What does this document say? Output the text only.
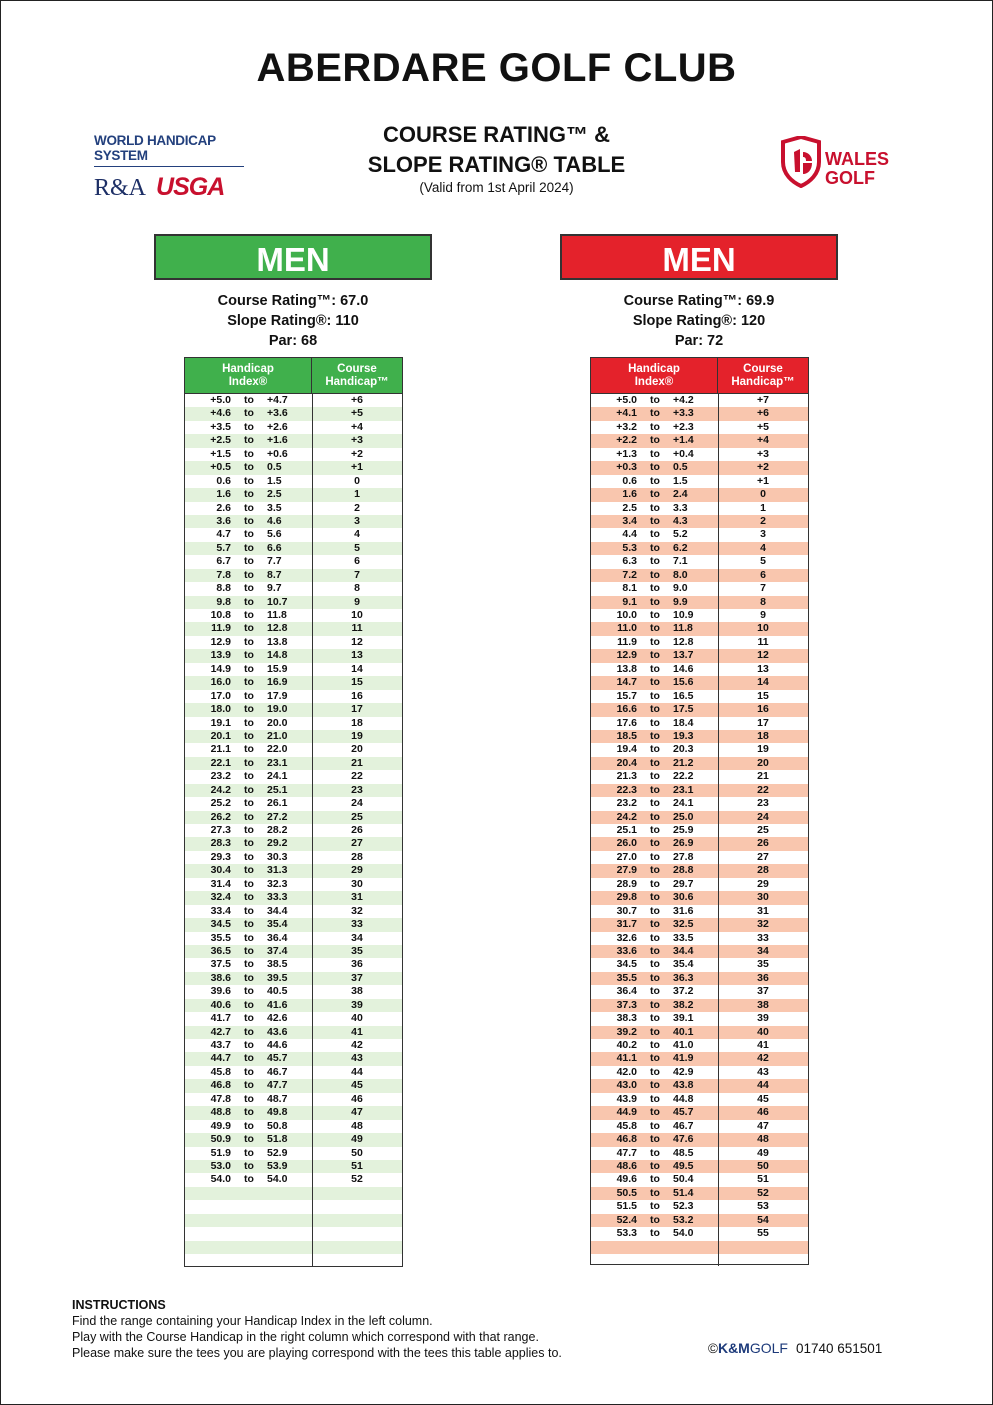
ABERDARE GOLF CLUB
WORLD HANDICAP SYSTEM
R&A USGA
COURSE RATING™ &
SLOPE RATING® TABLE
(Valid from 1st April 2024)
WALES
GOLF
MEN
Course Rating™: 67.0
Slope Rating®: 110
Par: 68
Handicap
Index®
Course
Handicap™
+5.0	to	+4.7	+6
+4.6	to	+3.6	+5
+3.5	to	+2.6	+4
+2.5	to	+1.6	+3
+1.5	to	+0.6	+2
+0.5	to	0.5	+1
0.6	to	1.5	0
1.6	to	2.5	1
2.6	to	3.5	2
3.6	to	4.6	3
4.7	to	5.6	4
5.7	to	6.6	5
6.7	to	7.7	6
7.8	to	8.7	7
8.8	to	9.7	8
9.8	to	10.7	9
10.8	to	11.8	10
11.9	to	12.8	11
12.9	to	13.8	12
13.9	to	14.8	13
14.9	to	15.9	14
16.0	to	16.9	15
17.0	to	17.9	16
18.0	to	19.0	17
19.1	to	20.0	18
20.1	to	21.0	19
21.1	to	22.0	20
22.1	to	23.1	21
23.2	to	24.1	22
24.2	to	25.1	23
25.2	to	26.1	24
26.2	to	27.2	25
27.3	to	28.2	26
28.3	to	29.2	27
29.3	to	30.3	28
30.4	to	31.3	29
31.4	to	32.3	30
32.4	to	33.3	31
33.4	to	34.4	32
34.5	to	35.4	33
35.5	to	36.4	34
36.5	to	37.4	35
37.5	to	38.5	36
38.6	to	39.5	37
39.6	to	40.5	38
40.6	to	41.6	39
41.7	to	42.6	40
42.7	to	43.6	41
43.7	to	44.6	42
44.7	to	45.7	43
45.8	to	46.7	44
46.8	to	47.7	45
47.8	to	48.7	46
48.8	to	49.8	47
49.9	to	50.8	48
50.9	to	51.8	49
51.9	to	52.9	50
53.0	to	53.9	51
54.0	to	54.0	52
MEN
Course Rating™: 69.9
Slope Rating®: 120
Par: 72
Handicap
Index®
Course
Handicap™
+5.0	to	+4.2	+7
+4.1	to	+3.3	+6
+3.2	to	+2.3	+5
+2.2	to	+1.4	+4
+1.3	to	+0.4	+3
+0.3	to	0.5	+2
0.6	to	1.5	+1
1.6	to	2.4	0
2.5	to	3.3	1
3.4	to	4.3	2
4.4	to	5.2	3
5.3	to	6.2	4
6.3	to	7.1	5
7.2	to	8.0	6
8.1	to	9.0	7
9.1	to	9.9	8
10.0	to	10.9	9
11.0	to	11.8	10
11.9	to	12.8	11
12.9	to	13.7	12
13.8	to	14.6	13
14.7	to	15.6	14
15.7	to	16.5	15
16.6	to	17.5	16
17.6	to	18.4	17
18.5	to	19.3	18
19.4	to	20.3	19
20.4	to	21.2	20
21.3	to	22.2	21
22.3	to	23.1	22
23.2	to	24.1	23
24.2	to	25.0	24
25.1	to	25.9	25
26.0	to	26.9	26
27.0	to	27.8	27
27.9	to	28.8	28
28.9	to	29.7	29
29.8	to	30.6	30
30.7	to	31.6	31
31.7	to	32.5	32
32.6	to	33.5	33
33.6	to	34.4	34
34.5	to	35.4	35
35.5	to	36.3	36
36.4	to	37.2	37
37.3	to	38.2	38
38.3	to	39.1	39
39.2	to	40.1	40
40.2	to	41.0	41
41.1	to	41.9	42
42.0	to	42.9	43
43.0	to	43.8	44
43.9	to	44.8	45
44.9	to	45.7	46
45.8	to	46.7	47
46.8	to	47.6	48
47.7	to	48.5	49
48.6	to	49.5	50
49.6	to	50.4	51
50.5	to	51.4	52
51.5	to	52.3	53
52.4	to	53.2	54
53.3	to	54.0	55
INSTRUCTIONS
Find the range containing your Handicap Index in the left column.
Play with the Course Handicap in the right column which correspond with that range.
Please make sure the tees you are playing correspond with the tees this table applies to.	© K&M GOLF 01740 651501
